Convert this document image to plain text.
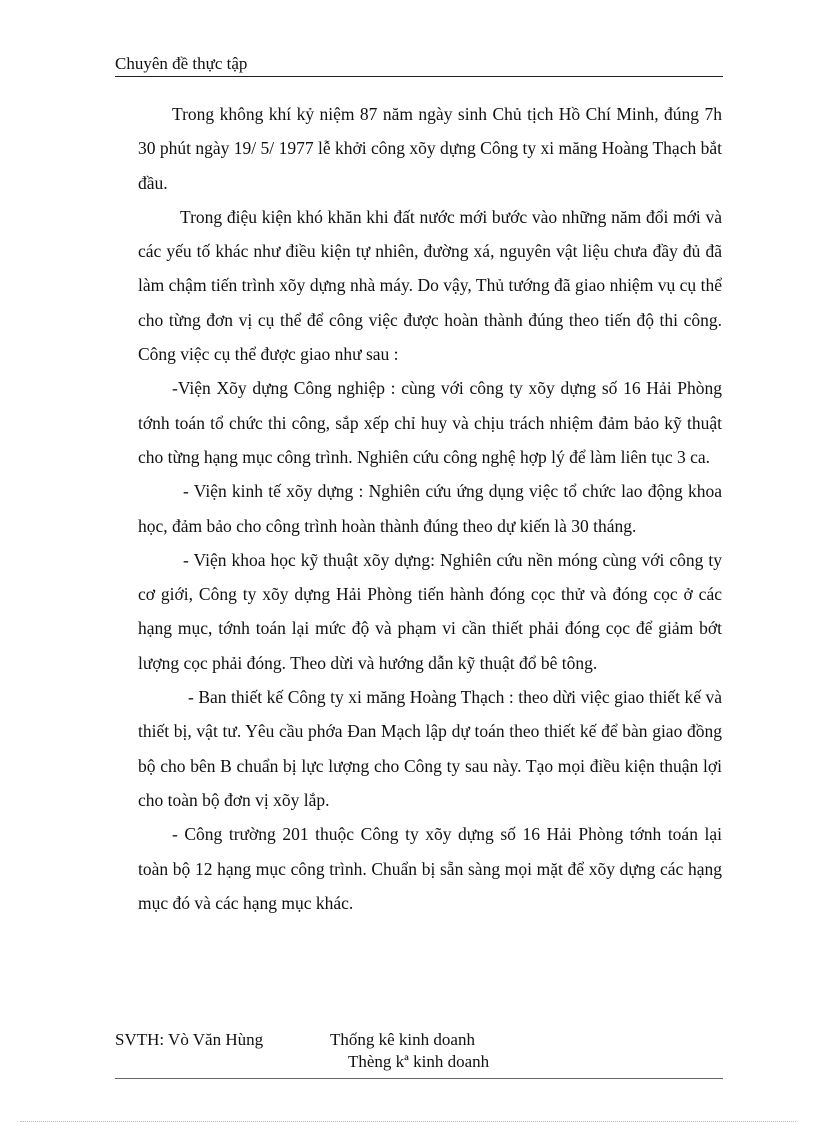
Chuyên đề thực tập

Trong không khí kỷ niệm 87 năm ngày sinh Chủ tịch Hồ Chí Minh, đúng 7h 30 phút ngày 19/ 5/ 1977 lễ khởi công xõy dựng Công ty xi măng Hoàng Thạch bắt đầu.

Trong điệu kiện khó khăn khi đất nước mới bước vào những năm đổi mới và các yếu tố khác như điều kiện tự nhiên, đường xá, nguyên vật liệu chưa đầy đủ đã làm chậm tiến trình xõy dựng nhà máy. Do vậy, Thủ tướng đã giao nhiệm vụ cụ thể cho từng đơn vị cụ thể để công việc được hoàn thành đúng theo tiến độ thi công. Công việc cụ thể được giao như sau :

-Viện Xõy dựng Công nghiệp : cùng với công ty xõy dựng số 16 Hải Phòng tớnh toán tổ chức thi công, sắp xếp chỉ huy và chịu trách nhiệm đảm bảo kỹ thuật cho từng hạng mục công trình. Nghiên cứu công nghệ hợp lý để làm liên tục 3 ca.

- Viện kinh tế xõy dựng : Nghiên cứu ứng dụng việc tổ chức lao động khoa học, đảm bảo cho công trình hoàn thành đúng theo dự kiến là 30 tháng.

- Viện khoa học kỹ thuật xõy dựng: Nghiên cứu nền móng cùng với công ty cơ giới, Công ty xõy dựng Hải Phòng tiến hành đóng cọc thử và đóng cọc ở các hạng mục, tớnh toán lại mức độ và phạm vi cần thiết phải đóng cọc để giảm bớt lượng cọc phải đóng. Theo dừi và hướng dẫn kỹ thuật đổ bê tông.

- Ban thiết kế Công ty xi măng Hoàng Thạch : theo dừi việc giao thiết kế và thiết bị, vật tư. Yêu cầu phớa Đan Mạch lập dự toán theo thiết kế để bàn giao đồng bộ cho bên B chuẩn bị lực lượng cho Công ty sau này. Tạo mọi điều kiện thuận lợi cho toàn bộ đơn vị xõy lắp.

- Công trường 201 thuộc Công ty xõy dựng số 16 Hải Phòng tớnh toán lại toàn bộ 12 hạng mục công trình. Chuẩn bị sẵn sàng mọi mặt để xõy dựng các hạng mục đó và các hạng mục khác.

SVTH: Vò Văn Hùng	Thống kê kinh doanh
Thèng kª kinh doanh
